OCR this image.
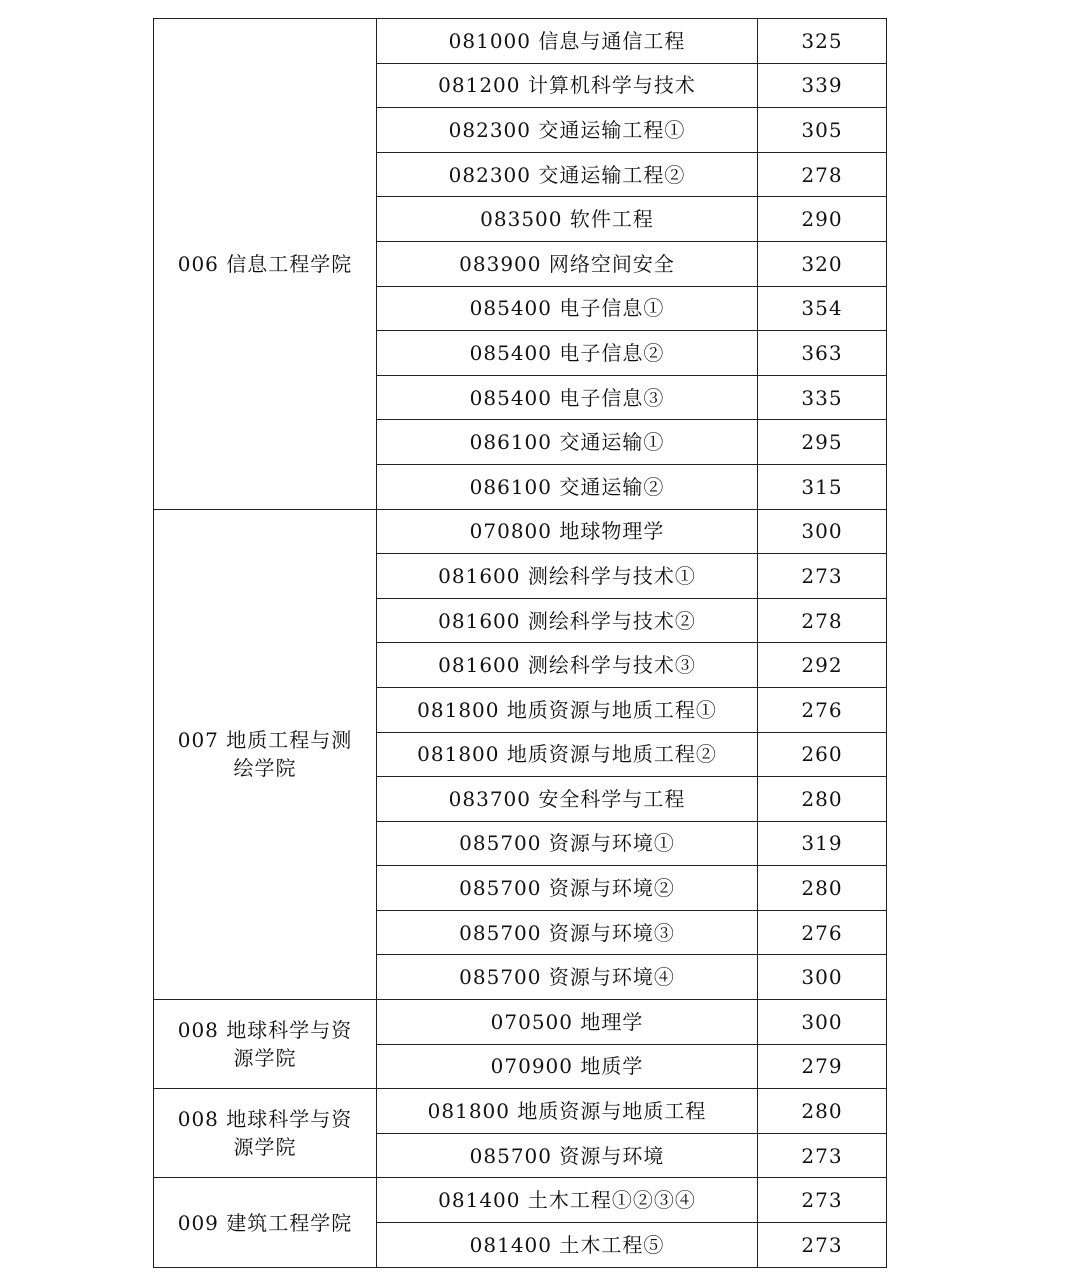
006 信息工程学院	081000 信息与通信工程	325
	081200 计算机科学与技术	339
	082300 交通运输工程①	305
	082300 交通运输工程②	278
	083500 软件工程	290
	083900 网络空间安全	320
	085400 电子信息①	354
	085400 电子信息②	363
	085400 电子信息③	335
	086100 交通运输①	295
	086100 交通运输②	315
007 地质工程与测绘学院	070800 地球物理学	300
	081600 测绘科学与技术①	273
	081600 测绘科学与技术②	278
	081600 测绘科学与技术③	292
	081800 地质资源与地质工程①	276
	081800 地质资源与地质工程②	260
	083700 安全科学与工程	280
	085700 资源与环境①	319
	085700 资源与环境②	280
	085700 资源与环境③	276
	085700 资源与环境④	300
008 地球科学与资源学院	070500 地理学	300
	070900 地质学	279
008 地球科学与资源学院	081800 地质资源与地质工程	280
	085700 资源与环境	273
009 建筑工程学院	081400 土木工程①②③④	273
	081400 土木工程⑤	273
